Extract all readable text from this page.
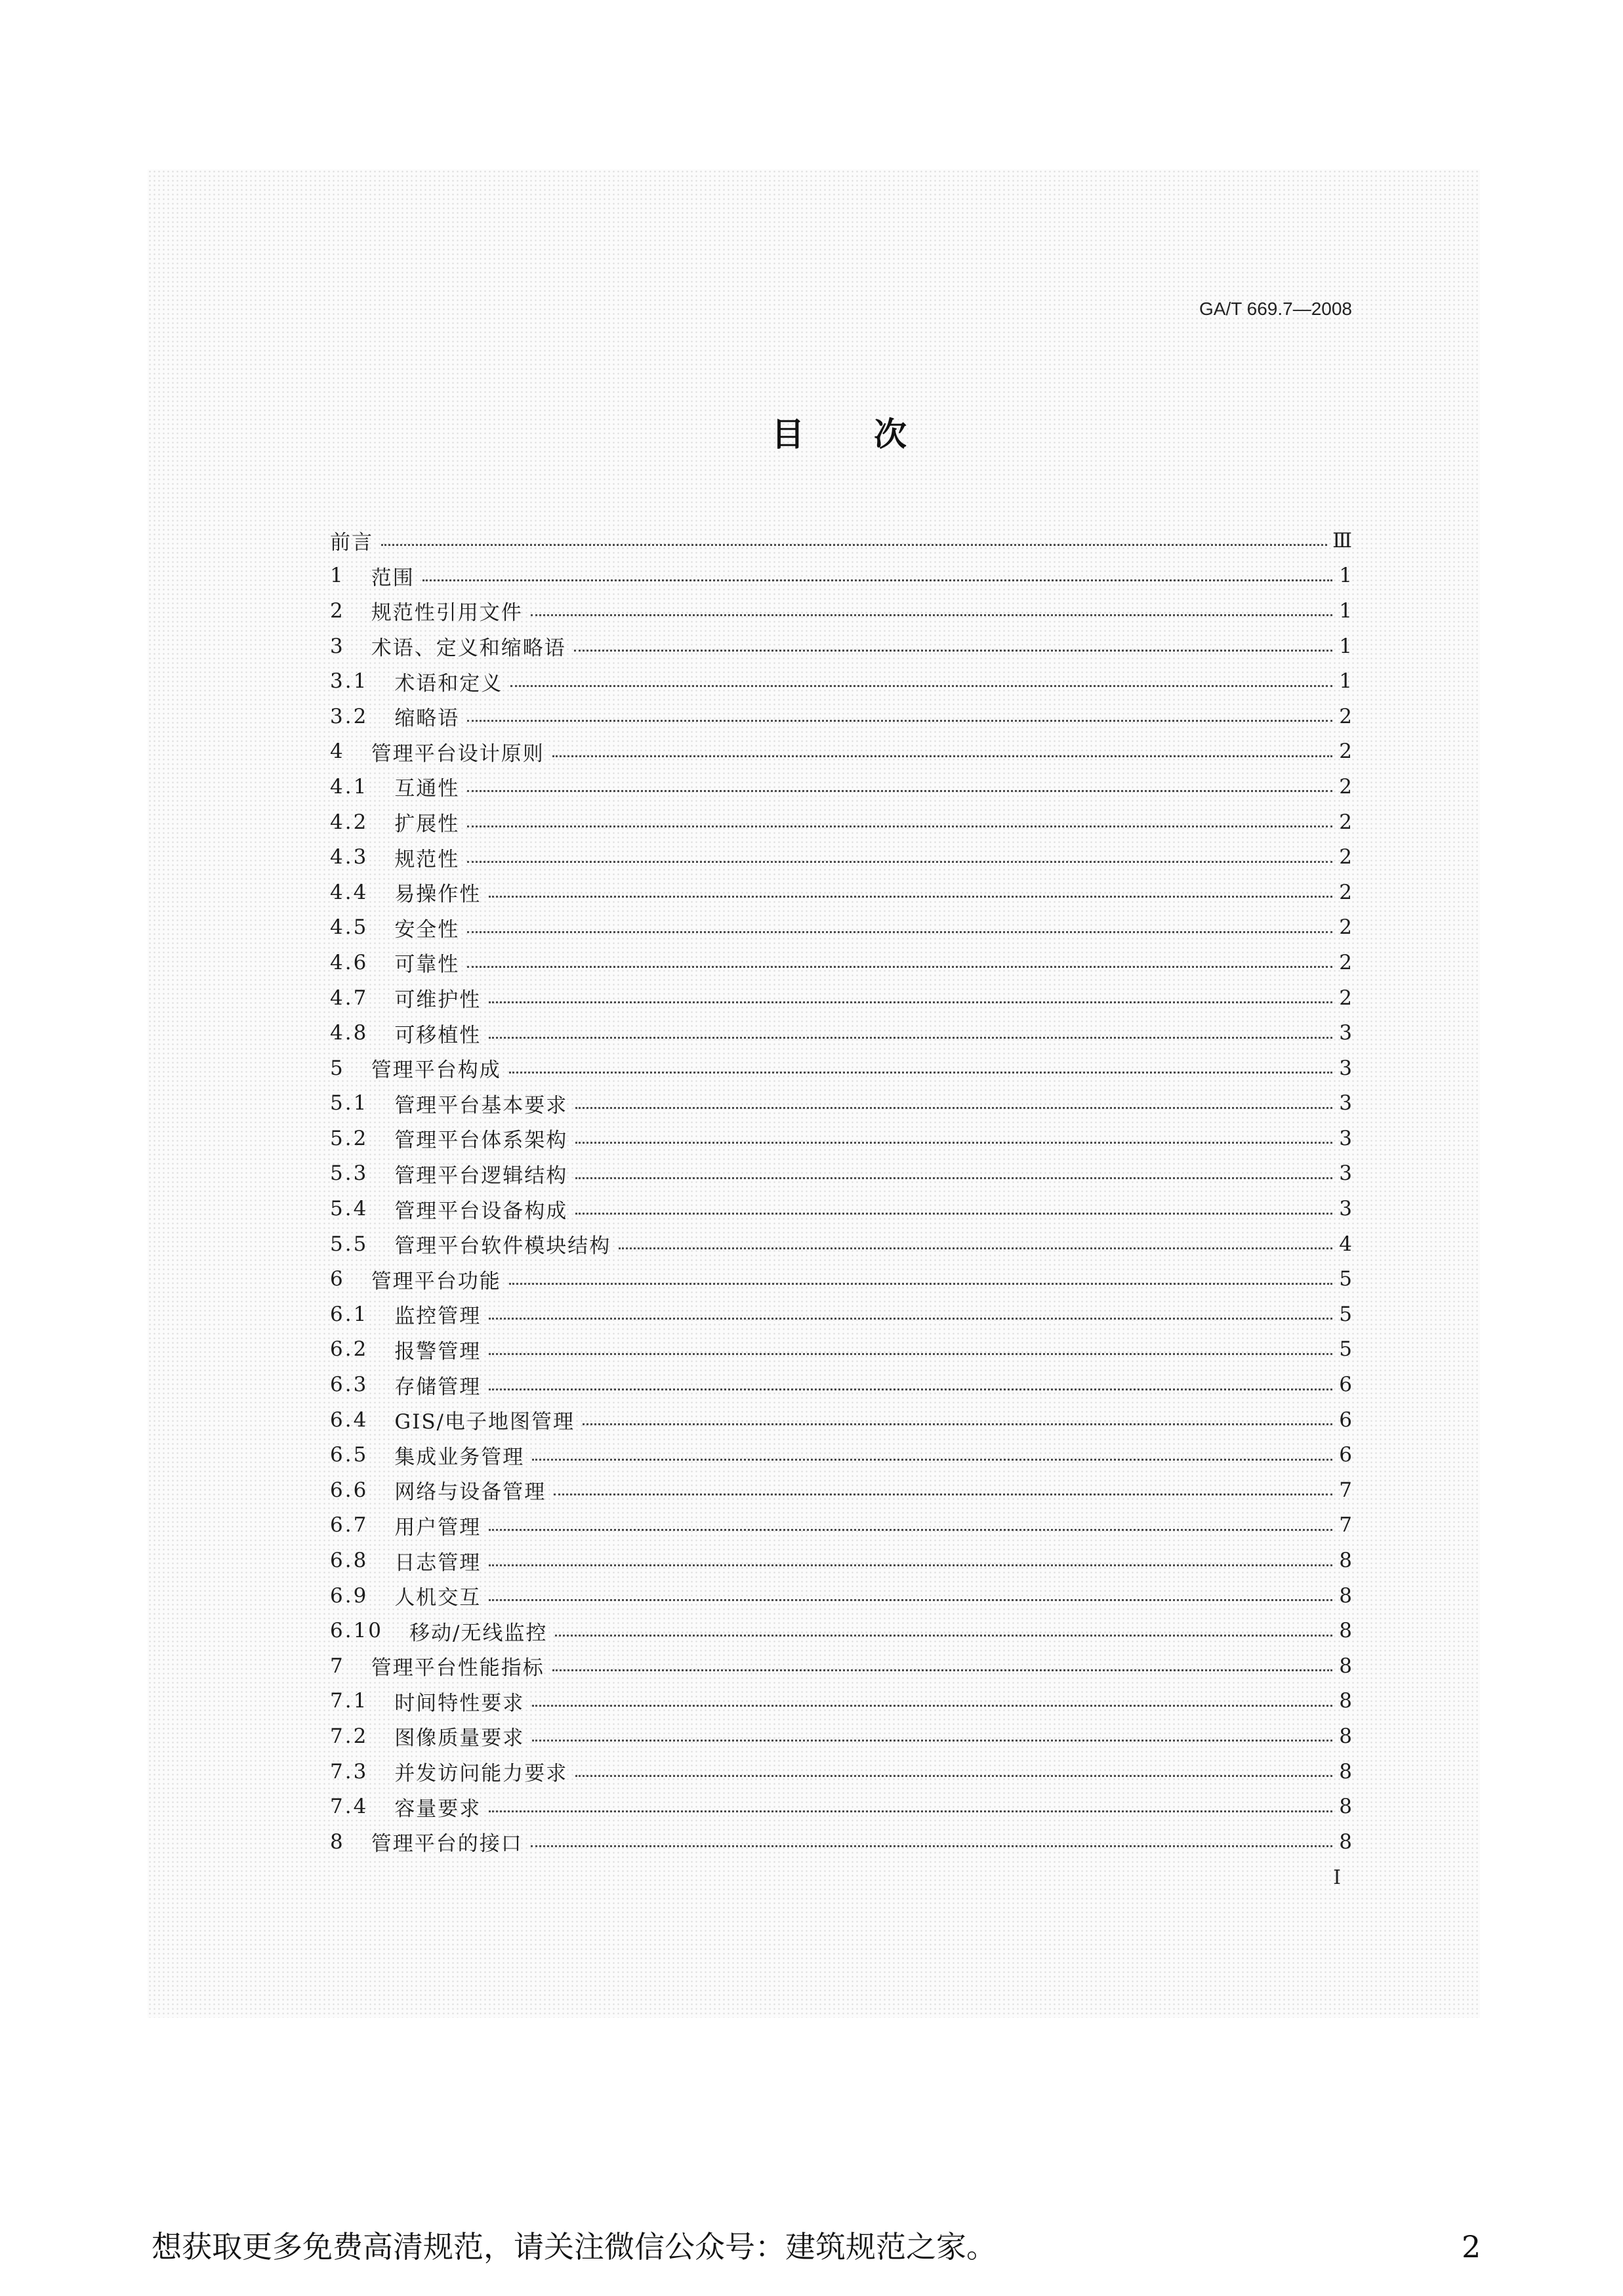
GA/T 669.7—2008
目　次
前言	Ⅲ
1 范围	1
2 规范性引用文件	1
3 术语、定义和缩略语	1
3.1 术语和定义	1
3.2 缩略语	2
4 管理平台设计原则	2
4.1 互通性	2
4.2 扩展性	2
4.3 规范性	2
4.4 易操作性	2
4.5 安全性	2
4.6 可靠性	2
4.7 可维护性	2
4.8 可移植性	3
5 管理平台构成	3
5.1 管理平台基本要求	3
5.2 管理平台体系架构	3
5.3 管理平台逻辑结构	3
5.4 管理平台设备构成	3
5.5 管理平台软件模块结构	4
6 管理平台功能	5
6.1 监控管理	5
6.2 报警管理	5
6.3 存储管理	6
6.4 GIS/电子地图管理	6
6.5 集成业务管理	6
6.6 网络与设备管理	7
6.7 用户管理	7
6.8 日志管理	8
6.9 人机交互	8
6.10 移动/无线监控	8
7 管理平台性能指标	8
7.1 时间特性要求	8
7.2 图像质量要求	8
7.3 并发访问能力要求	8
7.4 容量要求	8
8 管理平台的接口	8
I
想获取更多免费高清规范，请关注微信公众号：建筑规范之家。	2
